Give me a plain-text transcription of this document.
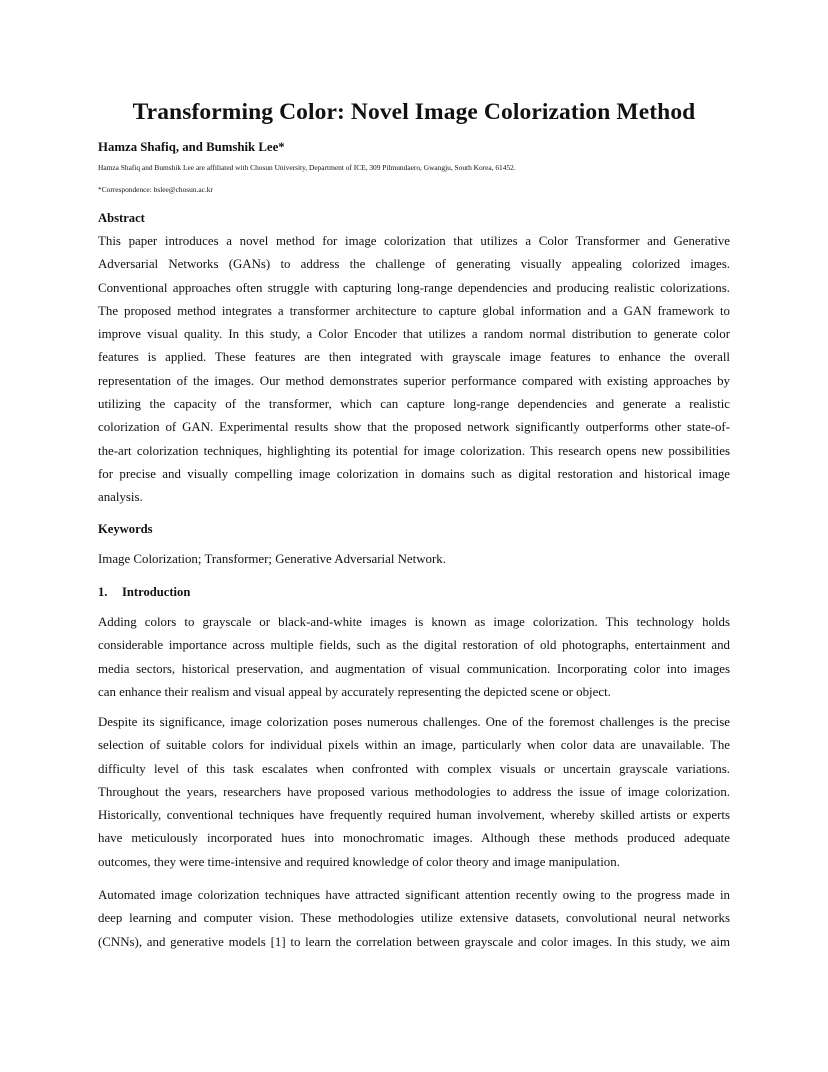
Transforming Color: Novel Image Colorization Method
Hamza Shafiq, and Bumshik Lee*
Hamza Shafiq and Bumshik Lee are affiliated with Chosun University, Department of ICE, 309 Pilmundaero, Gwangju, South Korea, 61452.
*Correspondence: bslee@chosun.ac.kr
Abstract
This paper introduces a novel method for image colorization that utilizes a Color Transformer and Generative
Adversarial Networks (GANs) to address the challenge of generating visually appealing colorized images.
Conventional approaches often struggle with capturing long-range dependencies and producing realistic colorizations.
The proposed method integrates a transformer architecture to capture global information and a GAN framework to
improve visual quality. In this study, a Color Encoder that utilizes a random normal distribution to generate color
features is applied. These features are then integrated with grayscale image features to enhance the overall
representation of the images. Our method demonstrates superior performance compared with existing approaches by
utilizing the capacity of the transformer, which can capture long-range dependencies and generate a realistic
colorization of GAN. Experimental results show that the proposed network significantly outperforms other state-of-
the-art colorization techniques, highlighting its potential for image colorization. This research opens new possibilities
for precise and visually compelling image colorization in domains such as digital restoration and historical image
analysis.
Keywords
Image Colorization; Transformer; Generative Adversarial Network.
1. Introduction
Adding colors to grayscale or black-and-white images is known as image colorization. This technology holds
considerable importance across multiple fields, such as the digital restoration of old photographs, entertainment and
media sectors, historical preservation, and augmentation of visual communication. Incorporating color into images
can enhance their realism and visual appeal by accurately representing the depicted scene or object.
Despite its significance, image colorization poses numerous challenges. One of the foremost challenges is the precise
selection of suitable colors for individual pixels within an image, particularly when color data are unavailable. The
difficulty level of this task escalates when confronted with complex visuals or uncertain grayscale variations.
Throughout the years, researchers have proposed various methodologies to address the issue of image colorization.
Historically, conventional techniques have frequently required human involvement, whereby skilled artists or experts
have meticulously incorporated hues into monochromatic images. Although these methods produced adequate
outcomes, they were time-intensive and required knowledge of color theory and image manipulation.
Automated image colorization techniques have attracted significant attention recently owing to the progress made in
deep learning and computer vision. These methodologies utilize extensive datasets, convolutional neural networks
(CNNs), and generative models [1] to learn the correlation between grayscale and color images. In this study, we aim
